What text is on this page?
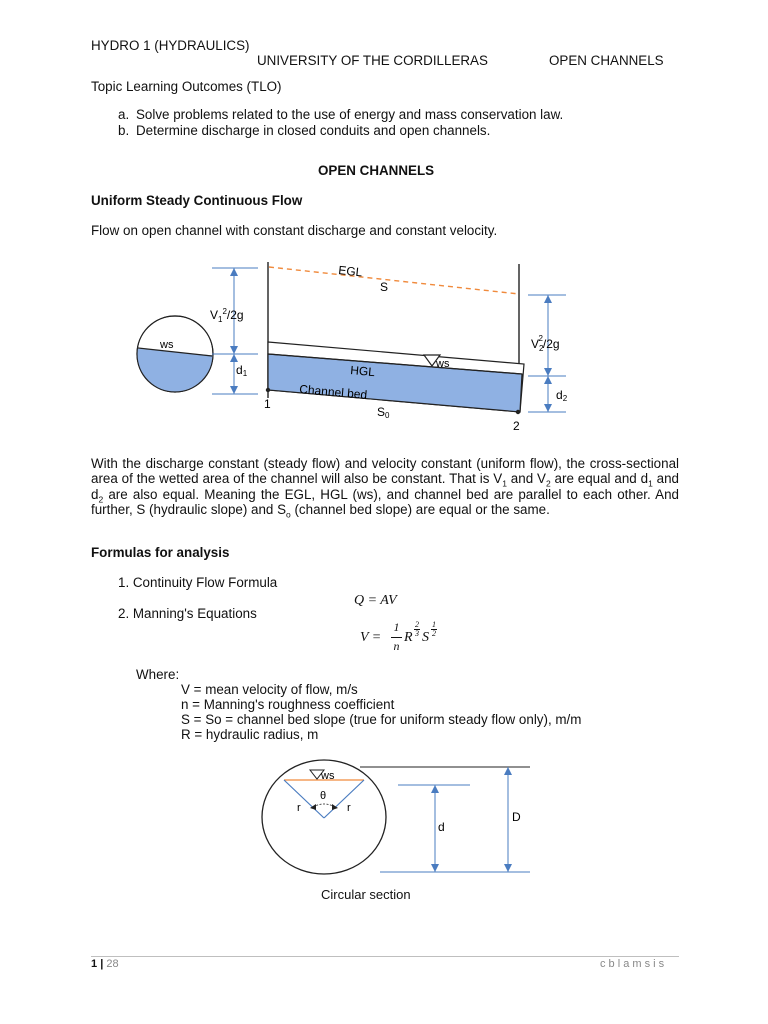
HYDRO 1 (HYDRAULICS)
UNIVERSITY OF THE CORDILLERAS	OPEN CHANNELS
Topic Learning Outcomes (TLO)
a. Solve problems related to the use of energy and mass conservation law.
b. Determine discharge in closed conduits and open channels.
OPEN CHANNELS
Uniform Steady Continuous Flow
Flow on open channel with constant discharge and constant velocity.
ws
ws
EGL
S
HGL
Channel bed
1
2
$V_1^2/2g$
$V_22/2g$
d1
d2
S0
With the discharge constant (steady flow) and velocity constant (uniform flow), the cross-sectional area of the wetted area of the channel will also be constant. That is $V_1$ and $V_2$ are equal and $d_1$ and $d_2$ are also equal. Meaning the EGL, HGL (ws), and channel bed are parallel to each other. And further, S (hydraulic slope) and $S_o$ (channel bed slope) are equal or the same.
Formulas for analysis
1. Continuity Flow Formula
Q = AV
2. Manning's Equations
V =
1
n
R
2
3 S
1
2
Where:
V = mean velocity of flow, m/s
n = Manning's roughness coefficient
S = So = channel bed slope (true for uniform steady flow only), m/m
R = hydraulic radius, m
ws
θ
r	r
d
D
Circular section
1 | 28	c b l a m s i s
